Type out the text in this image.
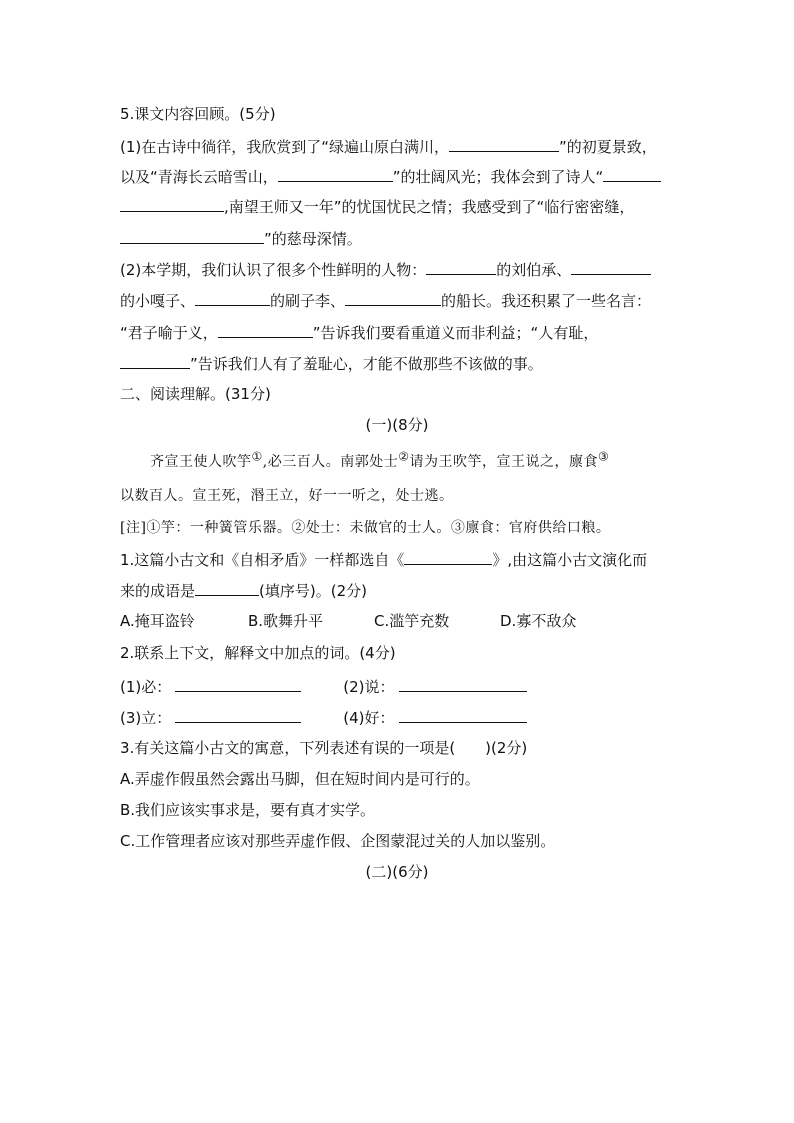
5.课文内容回顾。(5分)
(1)在古诗中徜徉，我欣赏到了“绿遍山原白满川，	”的初夏景致，
以及“青海长云暗雪山，	”的壮阔风光；我体会到了诗人“
,南望王师又一年”的忧国忧民之情；我感受到了“临行密密缝，
”的慈母深情。
(2)本学期，我们认识了很多个性鲜明的人物：	的刘伯承、
的小嘎子、	的刷子李、	的船长。我还积累了一些名言：
“君子喻于义，	”告诉我们要看重道义而非利益；“人有耻，
”告诉我们人有了羞耻心，才能不做那些不该做的事。
二、阅读理解。(31分)
(一)(8分)
齐宣王使人吹竽①,必三百人。南郭处士②请为王吹竽，宣王说之，廪食③
以数百人。宣王死，湣王立，好一一听之，处士逃。
[注]①竽：一种簧管乐器。②处士：未做官的士人。③廪食：官府供给口粮。
1.这篇小古文和《自相矛盾》一样都选自《	》,由这篇小古文演化而
来的成语是	(填序号)。(2分)
A.掩耳盗铃	B.歌舞升平	C.滥竽充数	D.寡不敌众
2.联系上下文，解释文中加点的词。(4分)
(1)必：	(2)说：
(3)立：	(4)好：
3.有关这篇小古文的寓意，下列表述有误的一项是( )(2分)
A.弄虚作假虽然会露出马脚，但在短时间内是可行的。
B.我们应该实事求是，要有真才实学。
C.工作管理者应该对那些弄虚作假、企图蒙混过关的人加以鉴别。
(二)(6分)
